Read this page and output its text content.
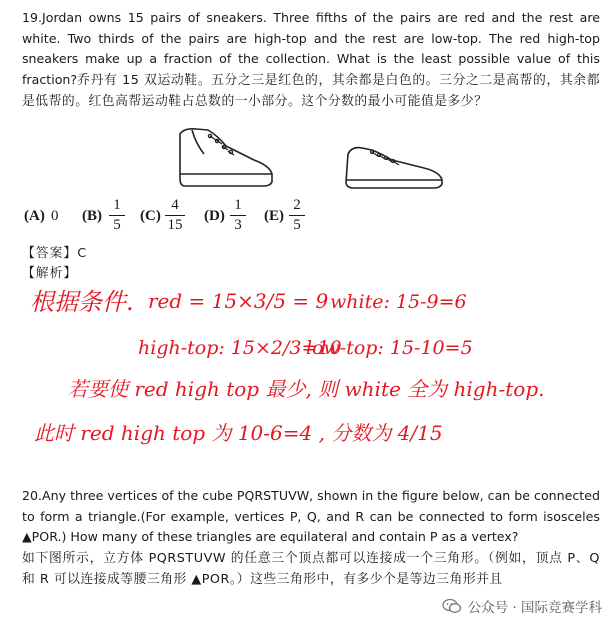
19.Jordan owns 15 pairs of sneakers. Three fifths of the pairs are red and the rest are white. Two thirds of the pairs are high-top and the rest are low-top. The red high-top sneakers make up a fraction of the collection. What is the least possible value of this fraction?乔丹有 15 双运动鞋。五分之三是红色的，其余都是白色的。三分之二是高帮的，其余都是低帮的。红色高帮运动鞋占总数的一小部分。这个分数的最小可能值是多少？
(A) 0 (B)
1
5
(C)
4
15
(D)
1
3
(E)
2
5
【答案】C
【解析】
根据条件. red = 15×3/5 = 9 white: 15-9=6
high-top: 15×2/3=10
low-top: 15-10=5
若要使 red high top 最少, 则 white 全为 high-top.
此时 red high top 为 10-6=4 , 分数为 4/15
20.Any three vertices of the cube PQRSTUVW, shown in the figure below, can be connected to form a triangle.(For example, vertices P, Q, and R can be connected to form isosceles ▲POR.) How many of these triangles are equilateral and contain P as a vertex?
如下图所示，立方体 PQRSTUVW 的任意三个顶点都可以连接成一个三角形。（例如，顶点 P、Q 和 R 可以连接成等腰三角形 ▲POR。）这些三角形中，有多少个是等边三角形并且
公众号 · 国际竞赛学科
